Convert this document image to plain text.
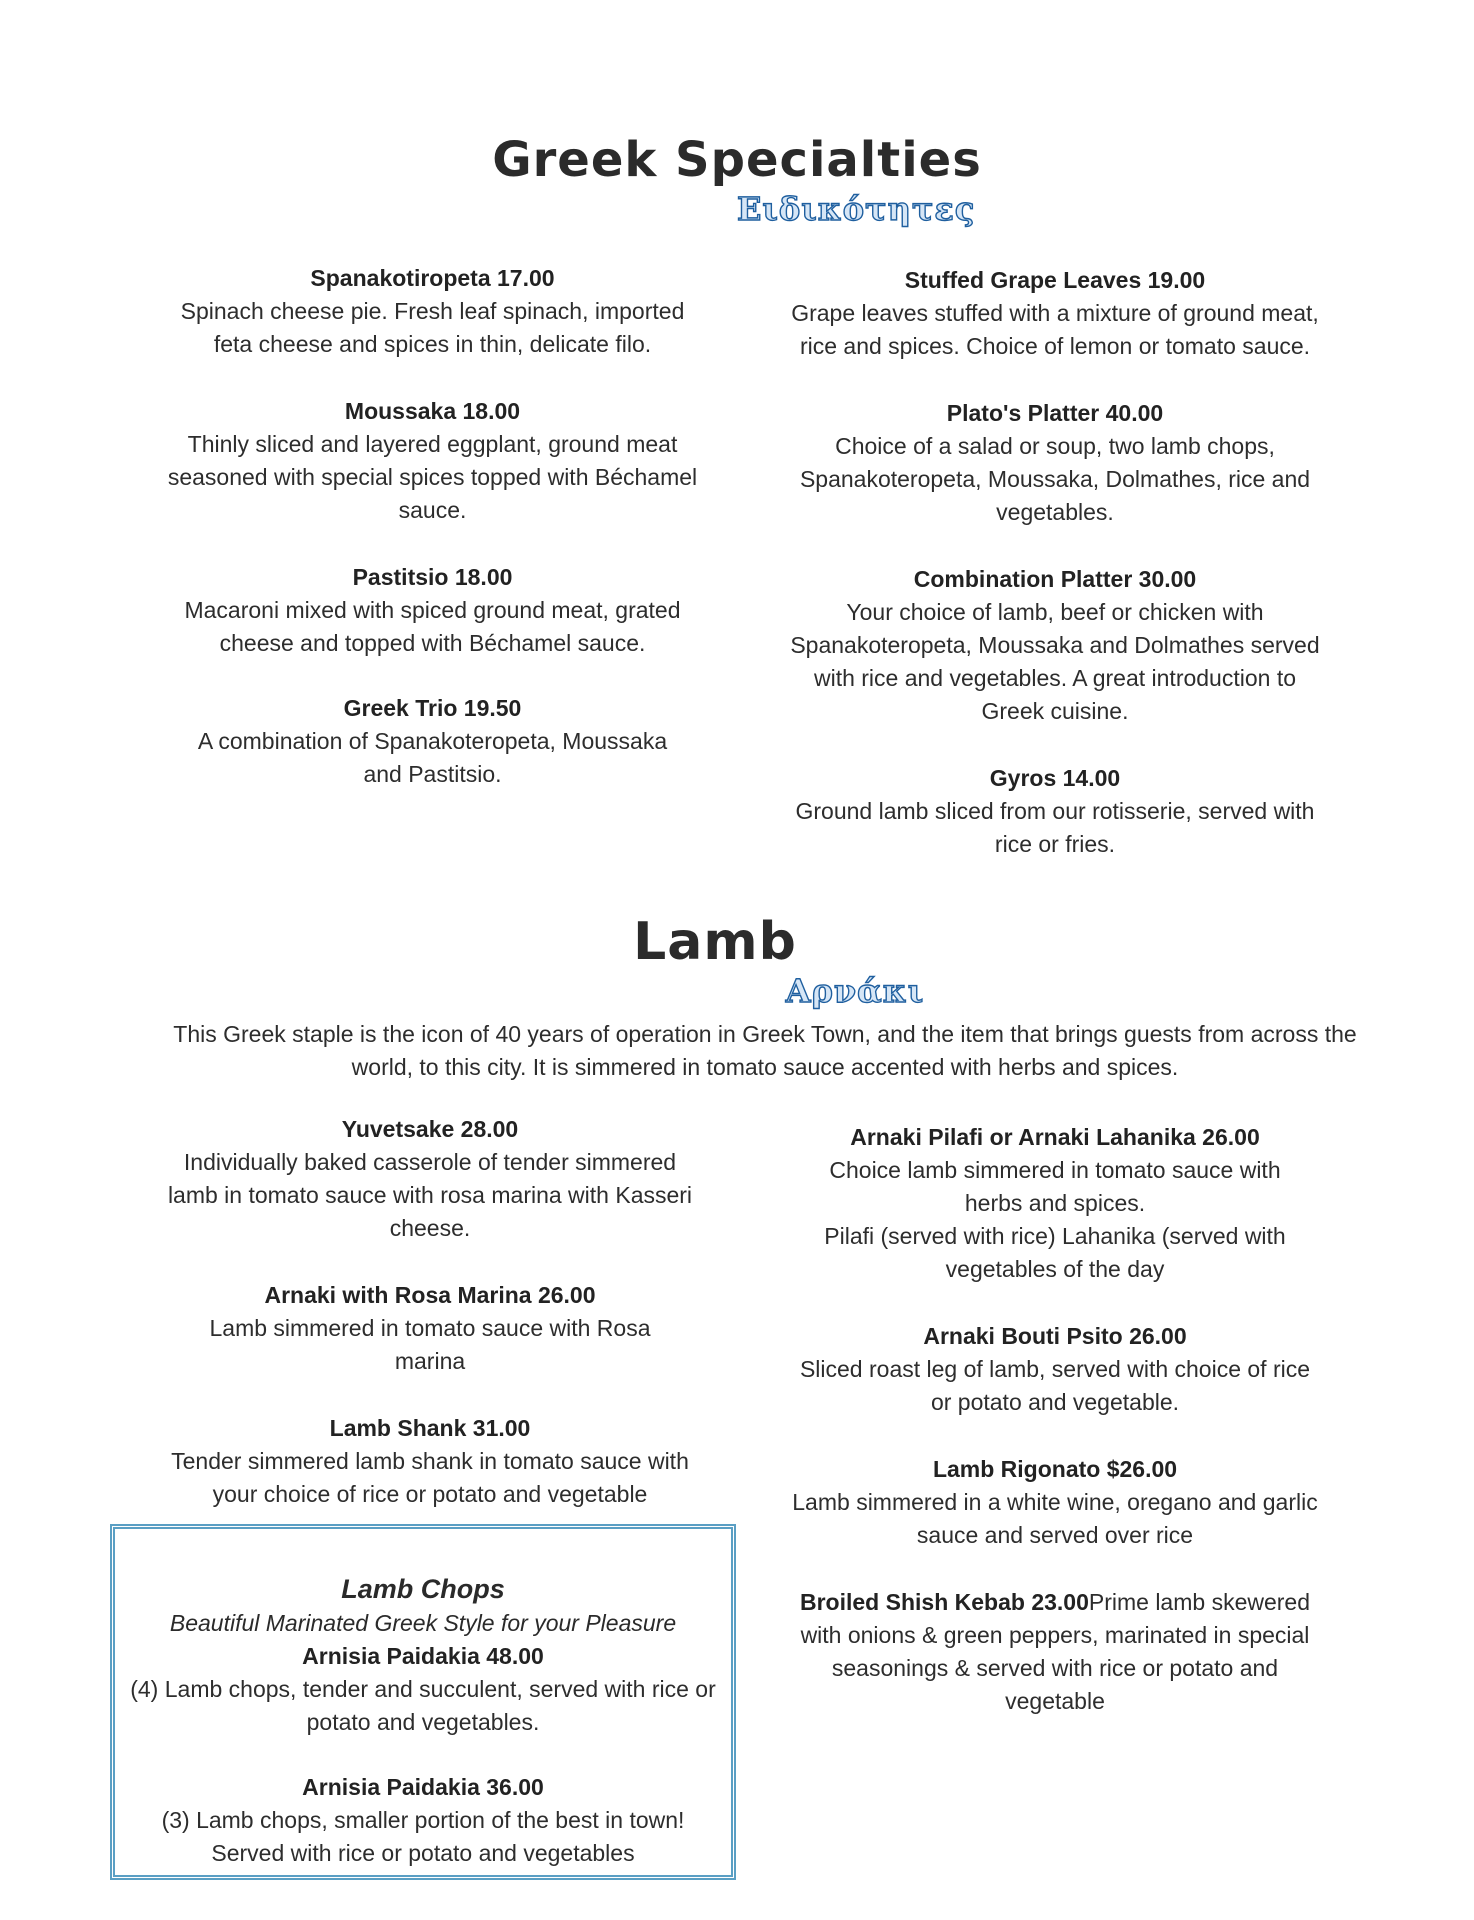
Greek Specialties
Ειδικότητες
Spanakotiropeta 17.00
Spinach cheese pie. Fresh leaf spinach, imported feta cheese and spices in thin, delicate filo.
Moussaka 18.00
Thinly sliced and layered eggplant, ground meat seasoned with special spices topped with Béchamel sauce.
Pastitsio 18.00
Macaroni mixed with spiced ground meat, grated cheese and topped with Béchamel sauce.
Greek Trio 19.50
A combination of Spanakoteropeta, Moussaka and Pastitsio.
Stuffed Grape Leaves 19.00
Grape leaves stuffed with a mixture of ground meat, rice and spices. Choice of lemon or tomato sauce.
Plato's Platter 40.00
Choice of a salad or soup, two lamb chops, Spanakoteropeta, Moussaka, Dolmathes, rice and vegetables.
Combination Platter 30.00
Your choice of lamb, beef or chicken with Spanakoteropeta, Moussaka and Dolmathes served with rice and vegetables. A great introduction to Greek cuisine.
Gyros 14.00
Ground lamb sliced from our rotisserie, served with rice or fries.
Lamb
Αρνάκι
This Greek staple is the icon of 40 years of operation in Greek Town, and the item that brings guests from across the world, to this city. It is simmered in tomato sauce accented with herbs and spices.
Yuvetsake 28.00
Individually baked casserole of tender simmered lamb in tomato sauce with rosa marina with Kasseri cheese.
Arnaki with Rosa Marina 26.00
Lamb simmered in tomato sauce with Rosa marina
Lamb Shank 31.00
Tender simmered lamb shank in tomato sauce with your choice of rice or potato and vegetable
Lamb Chops
Beautiful Marinated Greek Style for your Pleasure
Arnisia Paidakia 48.00
(4) Lamb chops, tender and succulent, served with rice or potato and vegetables.
Arnisia Paidakia 36.00
(3) Lamb chops, smaller portion of the best in town! Served with rice or potato and vegetables
Arnaki Pilafi or Arnaki Lahanika 26.00
Choice lamb simmered in tomato sauce with herbs and spices.
Pilafi (served with rice) Lahanika (served with vegetables of the day
Arnaki Bouti Psito 26.00
Sliced roast leg of lamb, served with choice of rice or potato and vegetable.
Lamb Rigonato $26.00
Lamb simmered in a white wine, oregano and garlic sauce and served over rice
Broiled Shish Kebab 23.00Prime lamb skewered with onions & green peppers, marinated in special seasonings & served with rice or potato and vegetable
